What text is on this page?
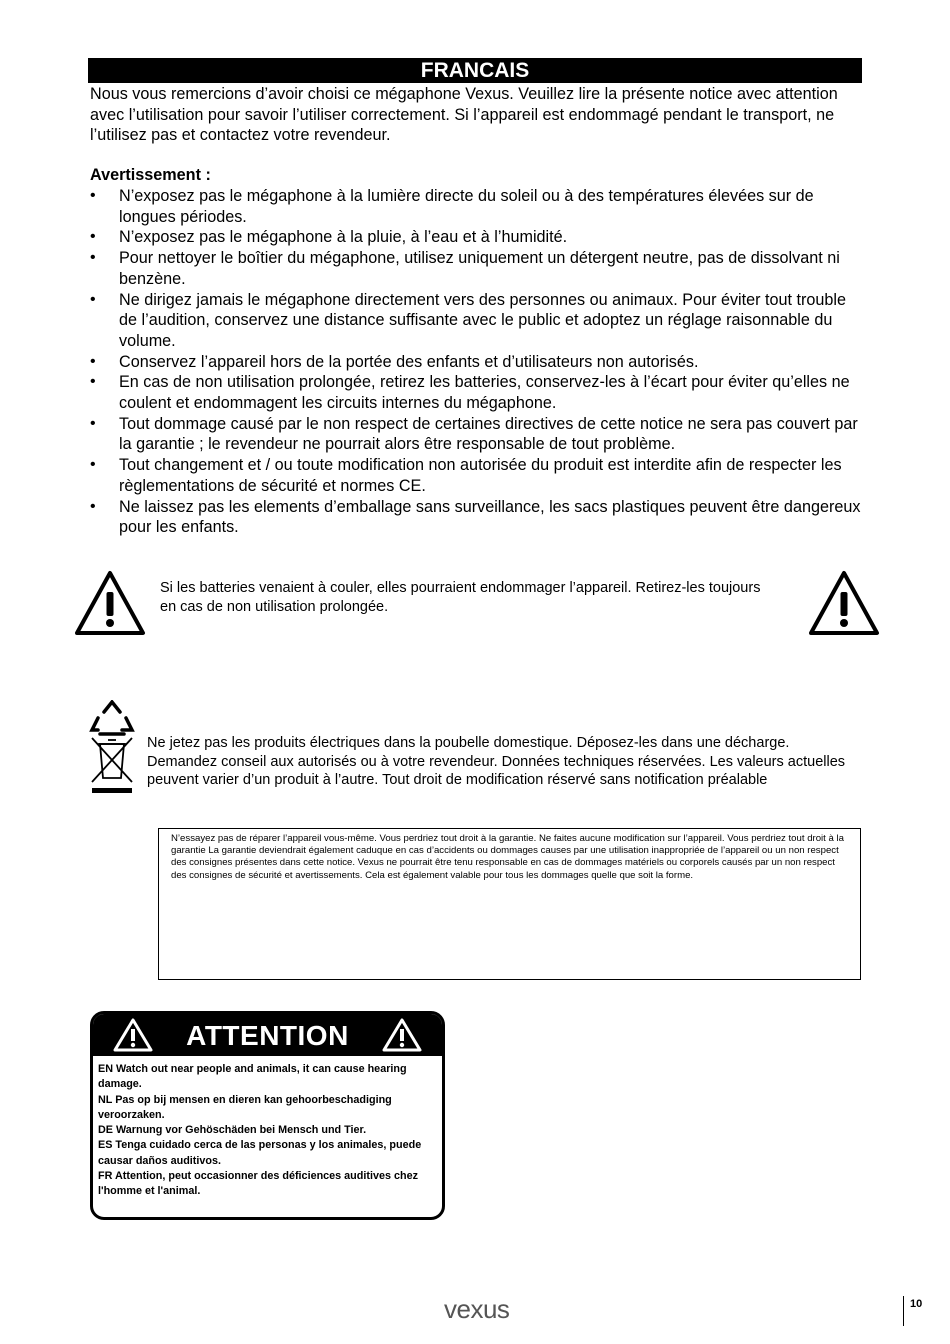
FRANCAIS

Nous vous remercions d’avoir choisi ce mégaphone Vexus. Veuillez lire la présente notice avec attention avec l’utilisation pour savoir l’utiliser correctement. Si l’appareil est endommagé pendant le transport, ne l’utilisez pas et contactez votre revendeur.

Avertissement :

• N’exposez pas le mégaphone à la lumière directe du soleil ou à des températures élevées sur de longues périodes.
• N’exposez pas le mégaphone à la pluie, à l’eau et à l’humidité.
• Pour nettoyer le boîtier du mégaphone, utilisez uniquement un détergent neutre, pas de dissolvant ni benzène.
• Ne dirigez jamais le mégaphone directement vers des personnes ou animaux. Pour éviter tout trouble de l’audition, conservez une distance suffisante avec le public et adoptez un réglage raisonnable du volume.
• Conservez l’appareil hors de la portée des enfants et d’utilisateurs non autorisés.
• En cas de non utilisation prolongée, retirez les batteries, conservez-les à l’écart pour éviter qu’elles ne coulent et endommagent les circuits internes du mégaphone.
• Tout dommage causé par le non respect de certaines directives de cette notice ne sera pas couvert par la garantie ; le revendeur ne pourrait alors être responsable de tout problème.
• Tout changement et / ou toute modification non autorisée du produit est interdite afin de respecter les règlementations de sécurité et normes CE.
• Ne laissez pas les elements d’emballage sans surveillance, les sacs plastiques peuvent être dangereux pour les enfants.

Si les batteries venaient à couler, elles pourraient endommager l’appareil. Retirez-les toujours en cas de non utilisation prolongée.

Ne jetez pas les produits électriques dans la poubelle domestique. Déposez-les dans une décharge. Demandez conseil aux autorisés ou à votre revendeur. Données techniques réservées. Les valeurs actuelles peuvent varier d’un produit à l’autre. Tout droit de modification réservé sans notification préalable

N’essayez pas de réparer l’appareil vous-même. Vous perdriez tout droit à la garantie. Ne faites aucune modification sur l’appareil. Vous perdriez tout droit à la garantie La garantie deviendrait également caduque en cas d’accidents ou dommages causes par une utilisation inappropriée de l’appareil ou un non respect des consignes présentes dans cette notice. Vexus ne pourrait être tenu responsable en cas de dommages matériels ou corporels causés par un non respect des consignes de sécurité et avertissements. Cela est également valable pour tous les dommages quelle que soit la forme.

ATTENTION

EN Watch out near people and animals, it can cause hearing damage.

NL Pas op bij mensen en dieren kan gehoorbeschadiging veroorzaken.

DE Warnung vor Gehöschäden bei Mensch und Tier.

ES Tenga cuidado cerca de las personas y los animales, puede causar daños auditivos.

FR Attention, peut occasionner des déficiences auditives chez l'homme et l'animal.

vexus	10
